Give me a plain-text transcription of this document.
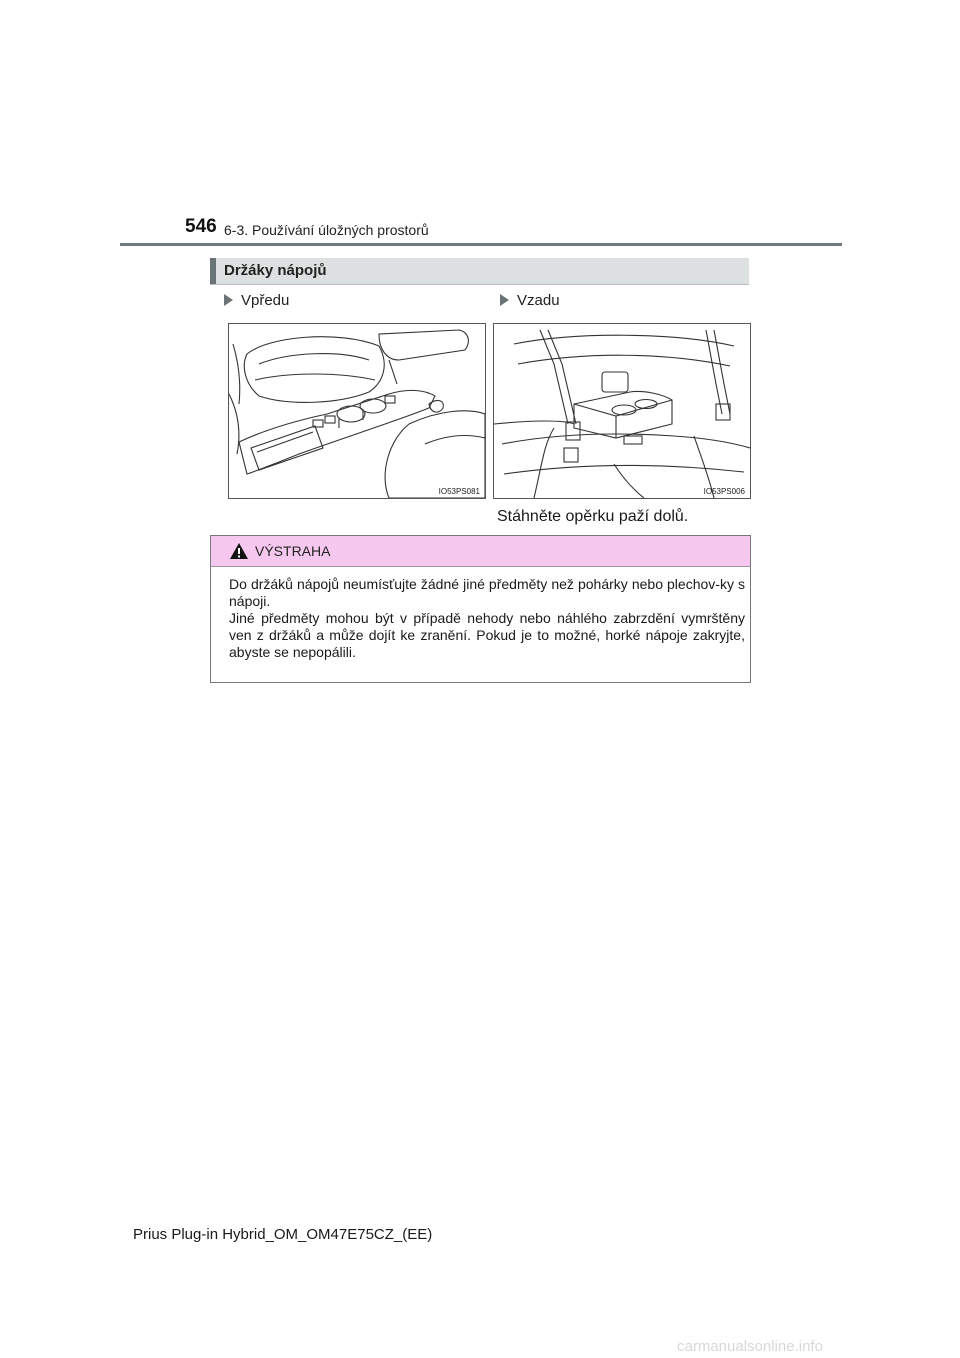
546 6-3. Používání úložných prostorů
Držáky nápojů
Vpředu	Vzadu
IO53PS081	IO53PS006
Stáhněte opěrku paží dolů.
VÝSTRAHA

Do držáků nápojů neumísťujte žádné jiné předměty než pohárky nebo plechov-ky s nápoji.

Jiné předměty mohou být v případě nehody nebo náhlého zabrzdění vymrštěny ven z držáků a může dojít ke zranění. Pokud je to možné, horké nápoje zakryjte, abyste se nepopálili.

Prius Plug-in Hybrid_OM_OM47E75CZ_(EE)
carmanualsonline.info
